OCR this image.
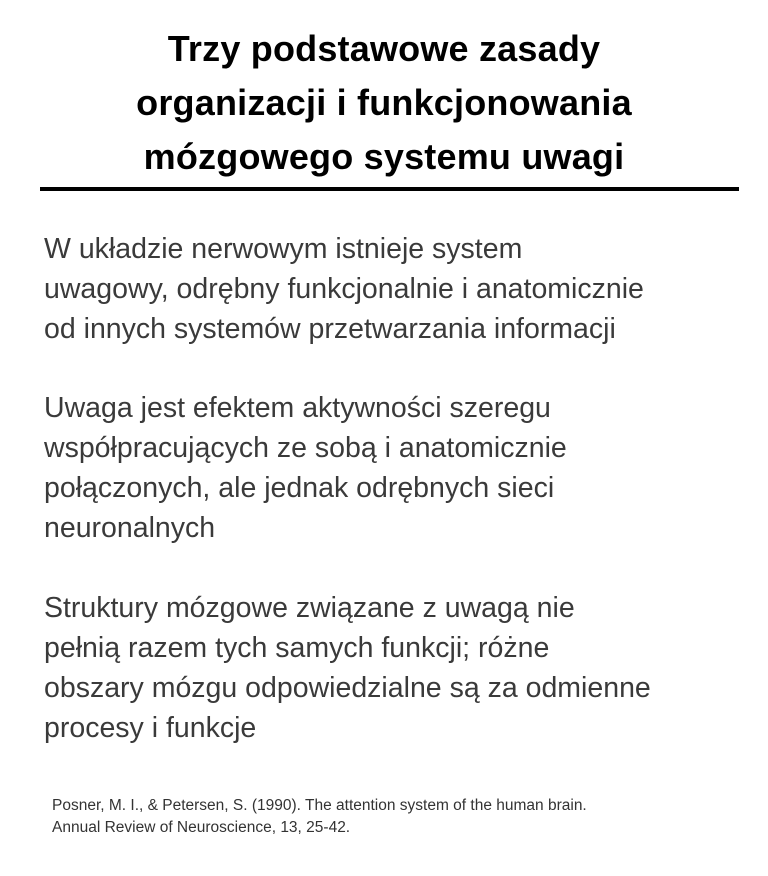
Trzy podstawowe zasady
organizacji i funkcjonowania
mózgowego systemu uwagi

W układzie nerwowym istnieje system
uwagowy, odrębny funkcjonalnie i anatomicznie
od innych systemów przetwarzania informacji

Uwaga jest efektem aktywności szeregu
współpracujących ze sobą i anatomicznie
połączonych, ale jednak odrębnych sieci
neuronalnych

Struktury mózgowe związane z uwagą nie
pełnią razem tych samych funkcji; różne
obszary mózgu odpowiedzialne są za odmienne
procesy i funkcje

Posner, M. I., & Petersen, S. (1990). The attention system of the human brain.
Annual Review of Neuroscience, 13, 25-42.
